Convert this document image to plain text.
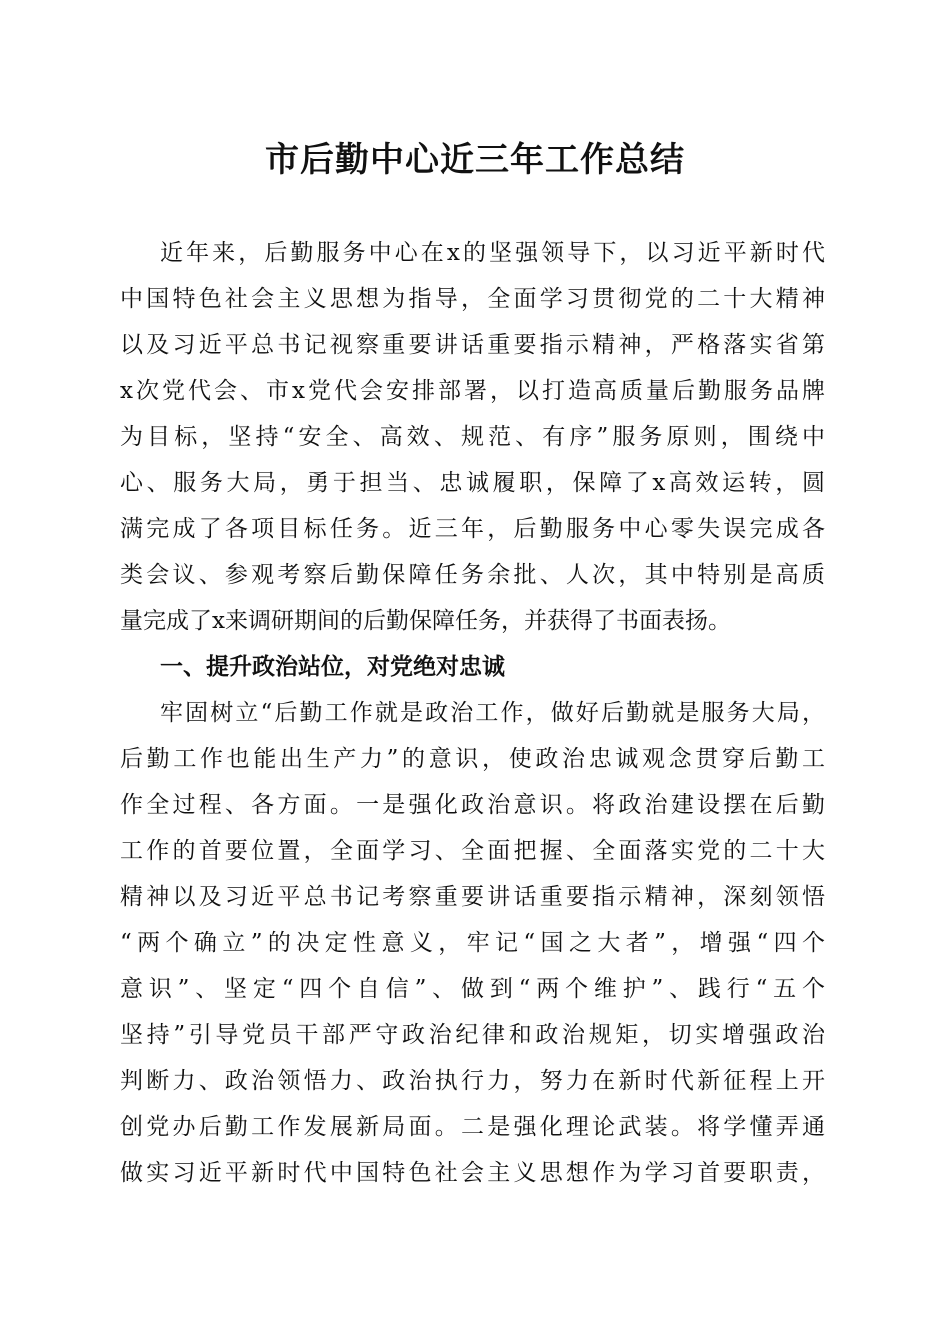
市后勤中心近三年工作总结
近年来，后勤服务中心在x的坚强领导下，以习近平新时代
中国特色社会主义思想为指导，全面学习贯彻党的二十大精神
以及习近平总书记视察重要讲话重要指示精神，严格落实省第
x次党代会、市x党代会安排部署，以打造高质量后勤服务品牌
为目标，坚持“安全、高效、规范、有序”服务原则，围绕中
心、服务大局，勇于担当、忠诚履职，保障了x高效运转，圆
满完成了各项目标任务。近三年，后勤服务中心零失误完成各
类会议、参观考察后勤保障任务余批、人次，其中特别是高质
量完成了x来调研期间的后勤保障任务，并获得了书面表扬。
一、提升政治站位，对党绝对忠诚
牢固树立“后勤工作就是政治工作，做好后勤就是服务大局，
后勤工作也能出生产力”的意识，使政治忠诚观念贯穿后勤工
作全过程、各方面。一是强化政治意识。将政治建设摆在后勤
工作的首要位置，全面学习、全面把握、全面落实党的二十大
精神以及习近平总书记考察重要讲话重要指示精神，深刻领悟
“两个确立”的决定性意义，牢记“国之大者”，增强“四个
意识”、坚定“四个自信”、做到“两个维护”、践行“五个
坚持”引导党员干部严守政治纪律和政治规矩，切实增强政治
判断力、政治领悟力、政治执行力，努力在新时代新征程上开
创党办后勤工作发展新局面。二是强化理论武装。将学懂弄通
做实习近平新时代中国特色社会主义思想作为学习首要职责，
